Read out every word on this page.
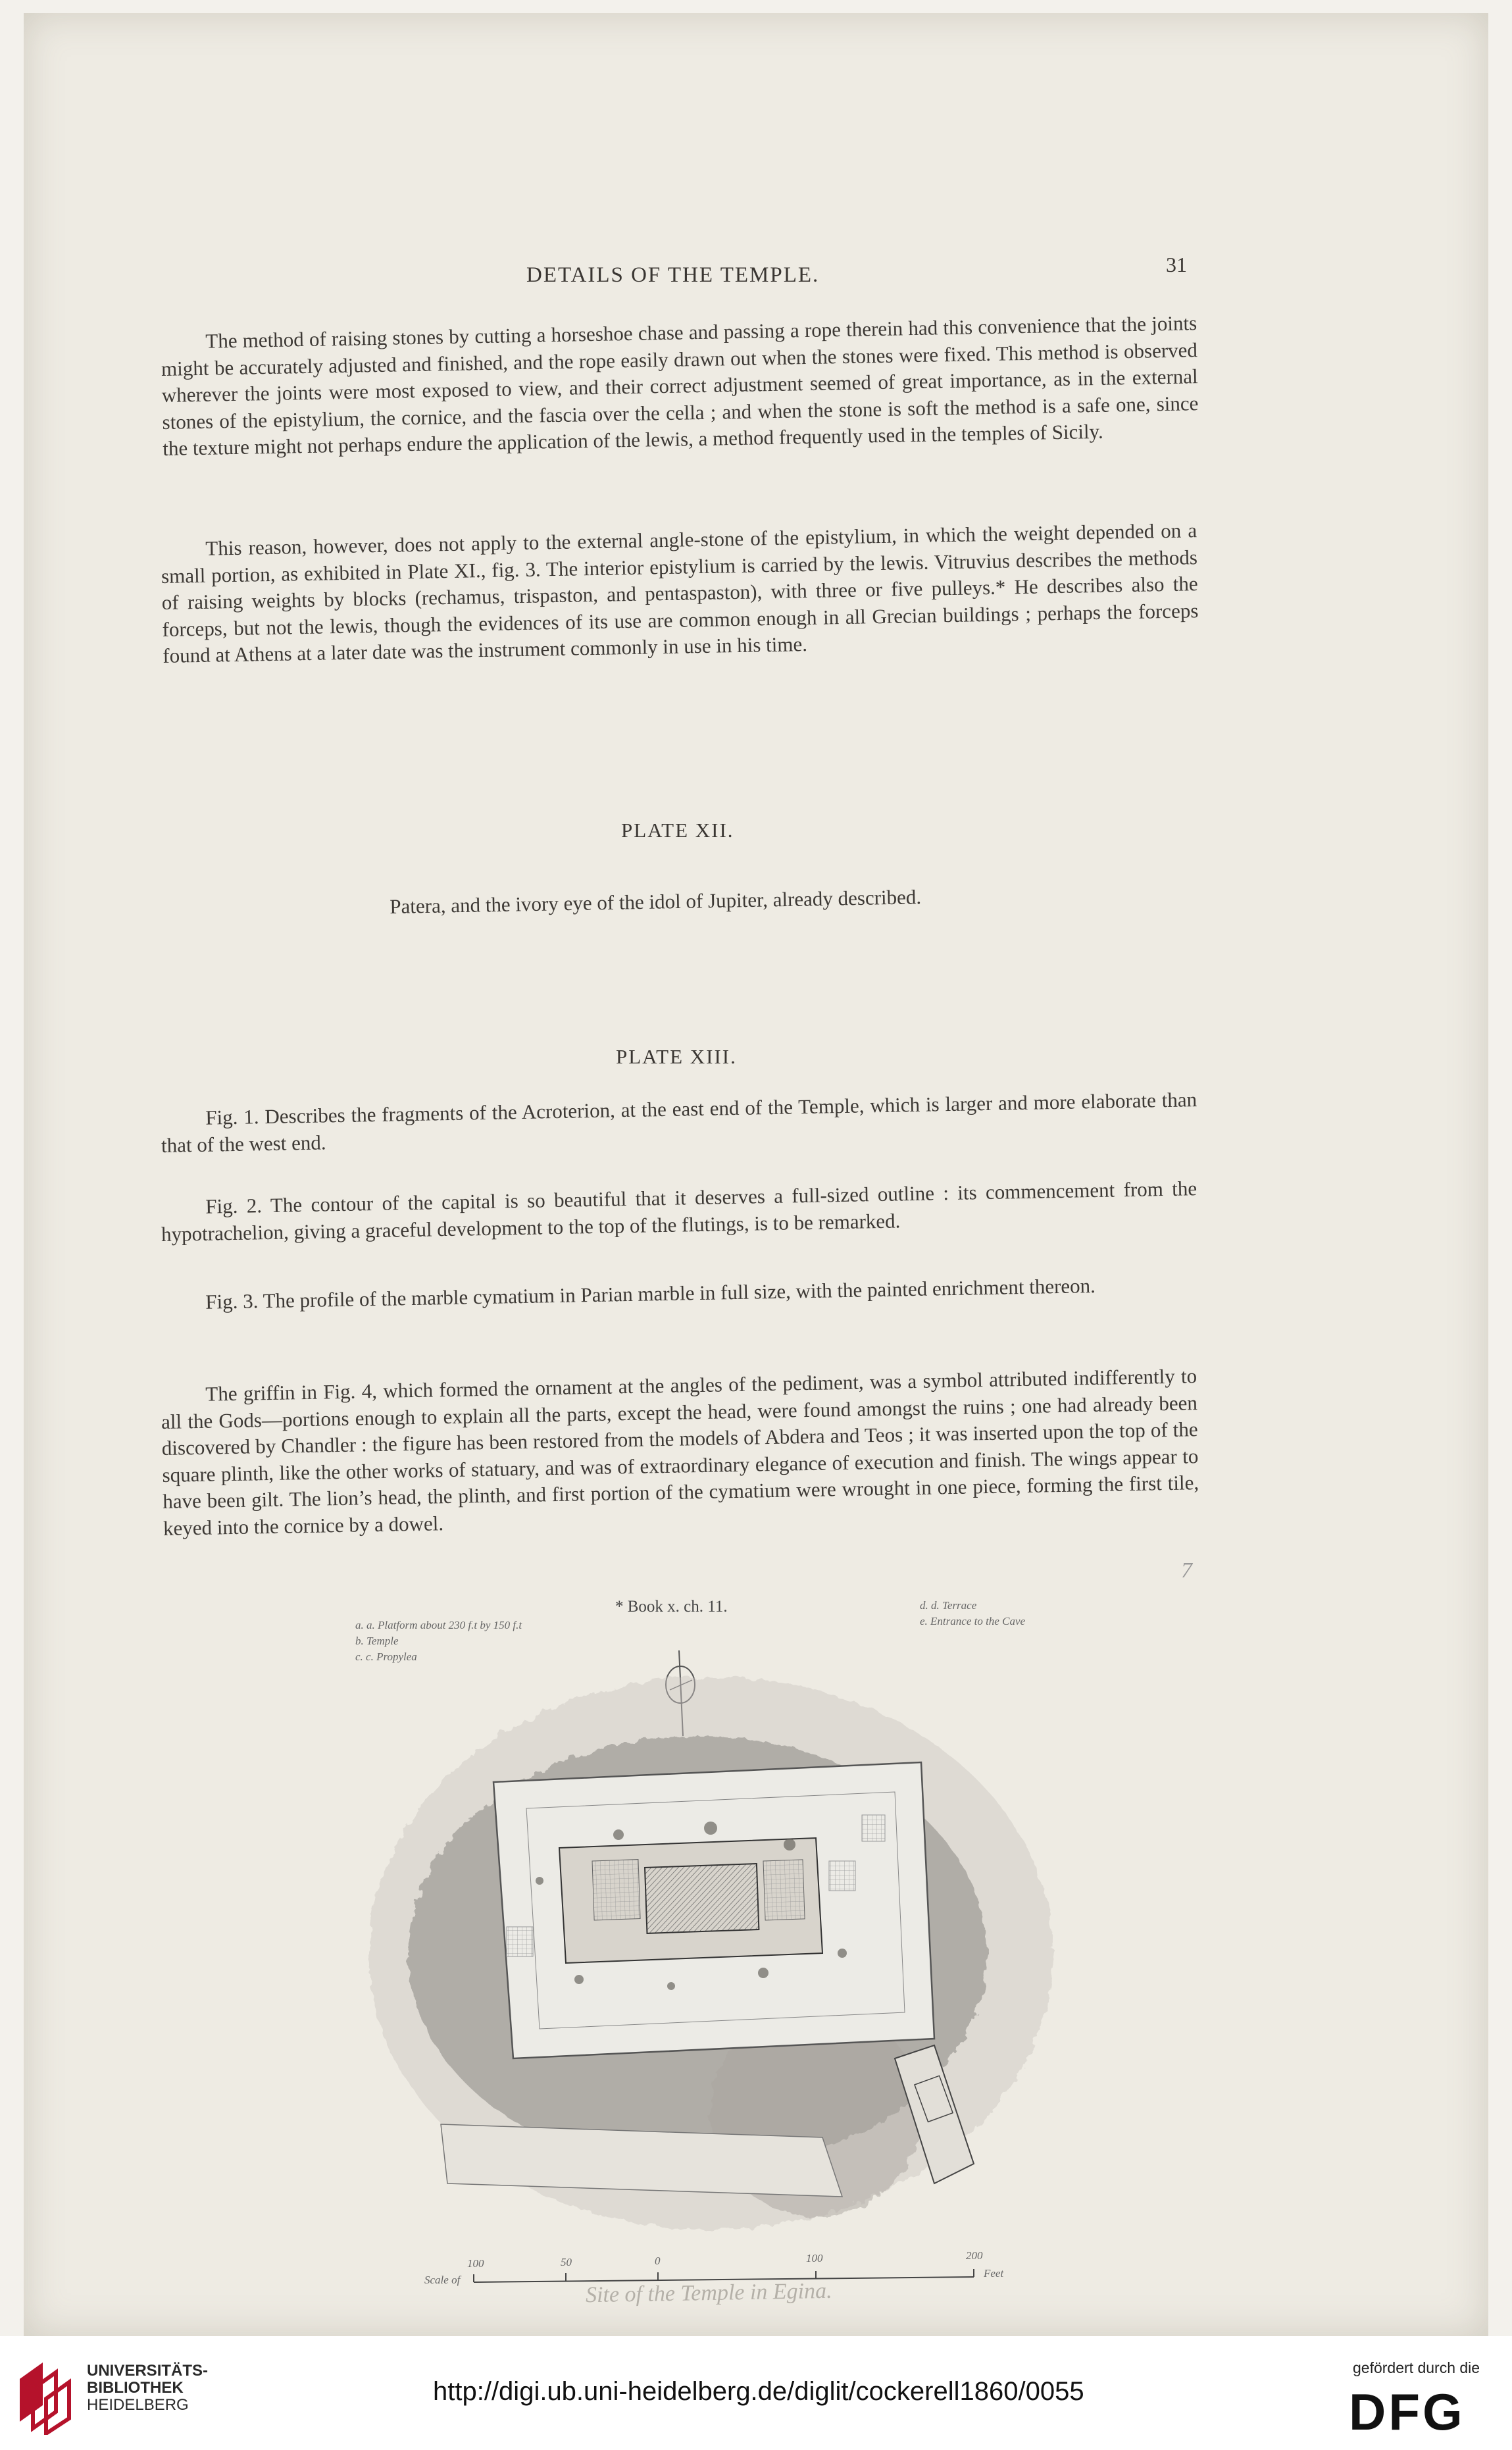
DETAILS OF THE TEMPLE.	31

The method of raising stones by cutting a horseshoe chase and passing a rope therein had this convenience that the joints might be accurately adjusted and finished, and the rope easily drawn out when the stones were fixed. This method is observed wherever the joints were most exposed to view, and their correct adjustment seemed of great importance, as in the external stones of the epistylium, the cornice, and the fascia over the cella ; and when the stone is soft the method is a safe one, since the texture might not perhaps endure the application of the lewis, a method frequently used in the temples of Sicily.

This reason, however, does not apply to the external angle-stone of the epistylium, in which the weight depended on a small portion, as exhibited in Plate XI., fig. 3. The interior epistylium is carried by the lewis. Vitruvius describes the methods of raising weights by blocks (rechamus, trispaston, and pentaspaston), with three or five pulleys.* He describes also the forceps, but not the lewis, though the evidences of its use are common enough in all Grecian buildings ; perhaps the forceps found at Athens at a later date was the instrument commonly in use in his time.

PLATE XII.
Patera, and the ivory eye of the idol of Jupiter, already described.
PLATE XIII.

Fig. 1. Describes the fragments of the Acroterion, at the east end of the Temple, which is larger and more elaborate than that of the west end.

Fig. 2. The contour of the capital is so beautiful that it deserves a full-sized outline : its commencement from the hypotrachelion, giving a graceful development to the top of the flutings, is to be remarked.

Fig. 3. The profile of the marble cymatium in Parian marble in full size, with the painted enrichment thereon.

The griffin in Fig. 4, which formed the ornament at the angles of the pediment, was a symbol attributed indifferently to all the Gods—portions enough to explain all the parts, except the head, were found amongst the ruins ; one had already been discovered by Chandler : the figure has been restored from the models of Abdera and Teos ; it was inserted upon the top of the square plinth, like the other works of statuary, and was of extraordinary elegance of execution and finish. The wings appear to have been gilt. The lion’s head, the plinth, and first portion of the cymatium were wrought in one piece, forming the first tile, keyed into the cornice by a dowel.

* Book x. ch. 11.
7
a. a. Platform about 230 f.t by 150 f.t
b. Temple
c. c. Propylea
d. d. Terrace
e. Entrance to the Cave
Scale of
100	50	0	100	200
Feet
Site of the Temple in Egina.
UNIVERSITÄTS-
BIBLIOTHEK
HEIDELBERG	http://digi.ub.uni-heidelberg.de/diglit/cockerell1860/0055
gefördert durch die
DFG
